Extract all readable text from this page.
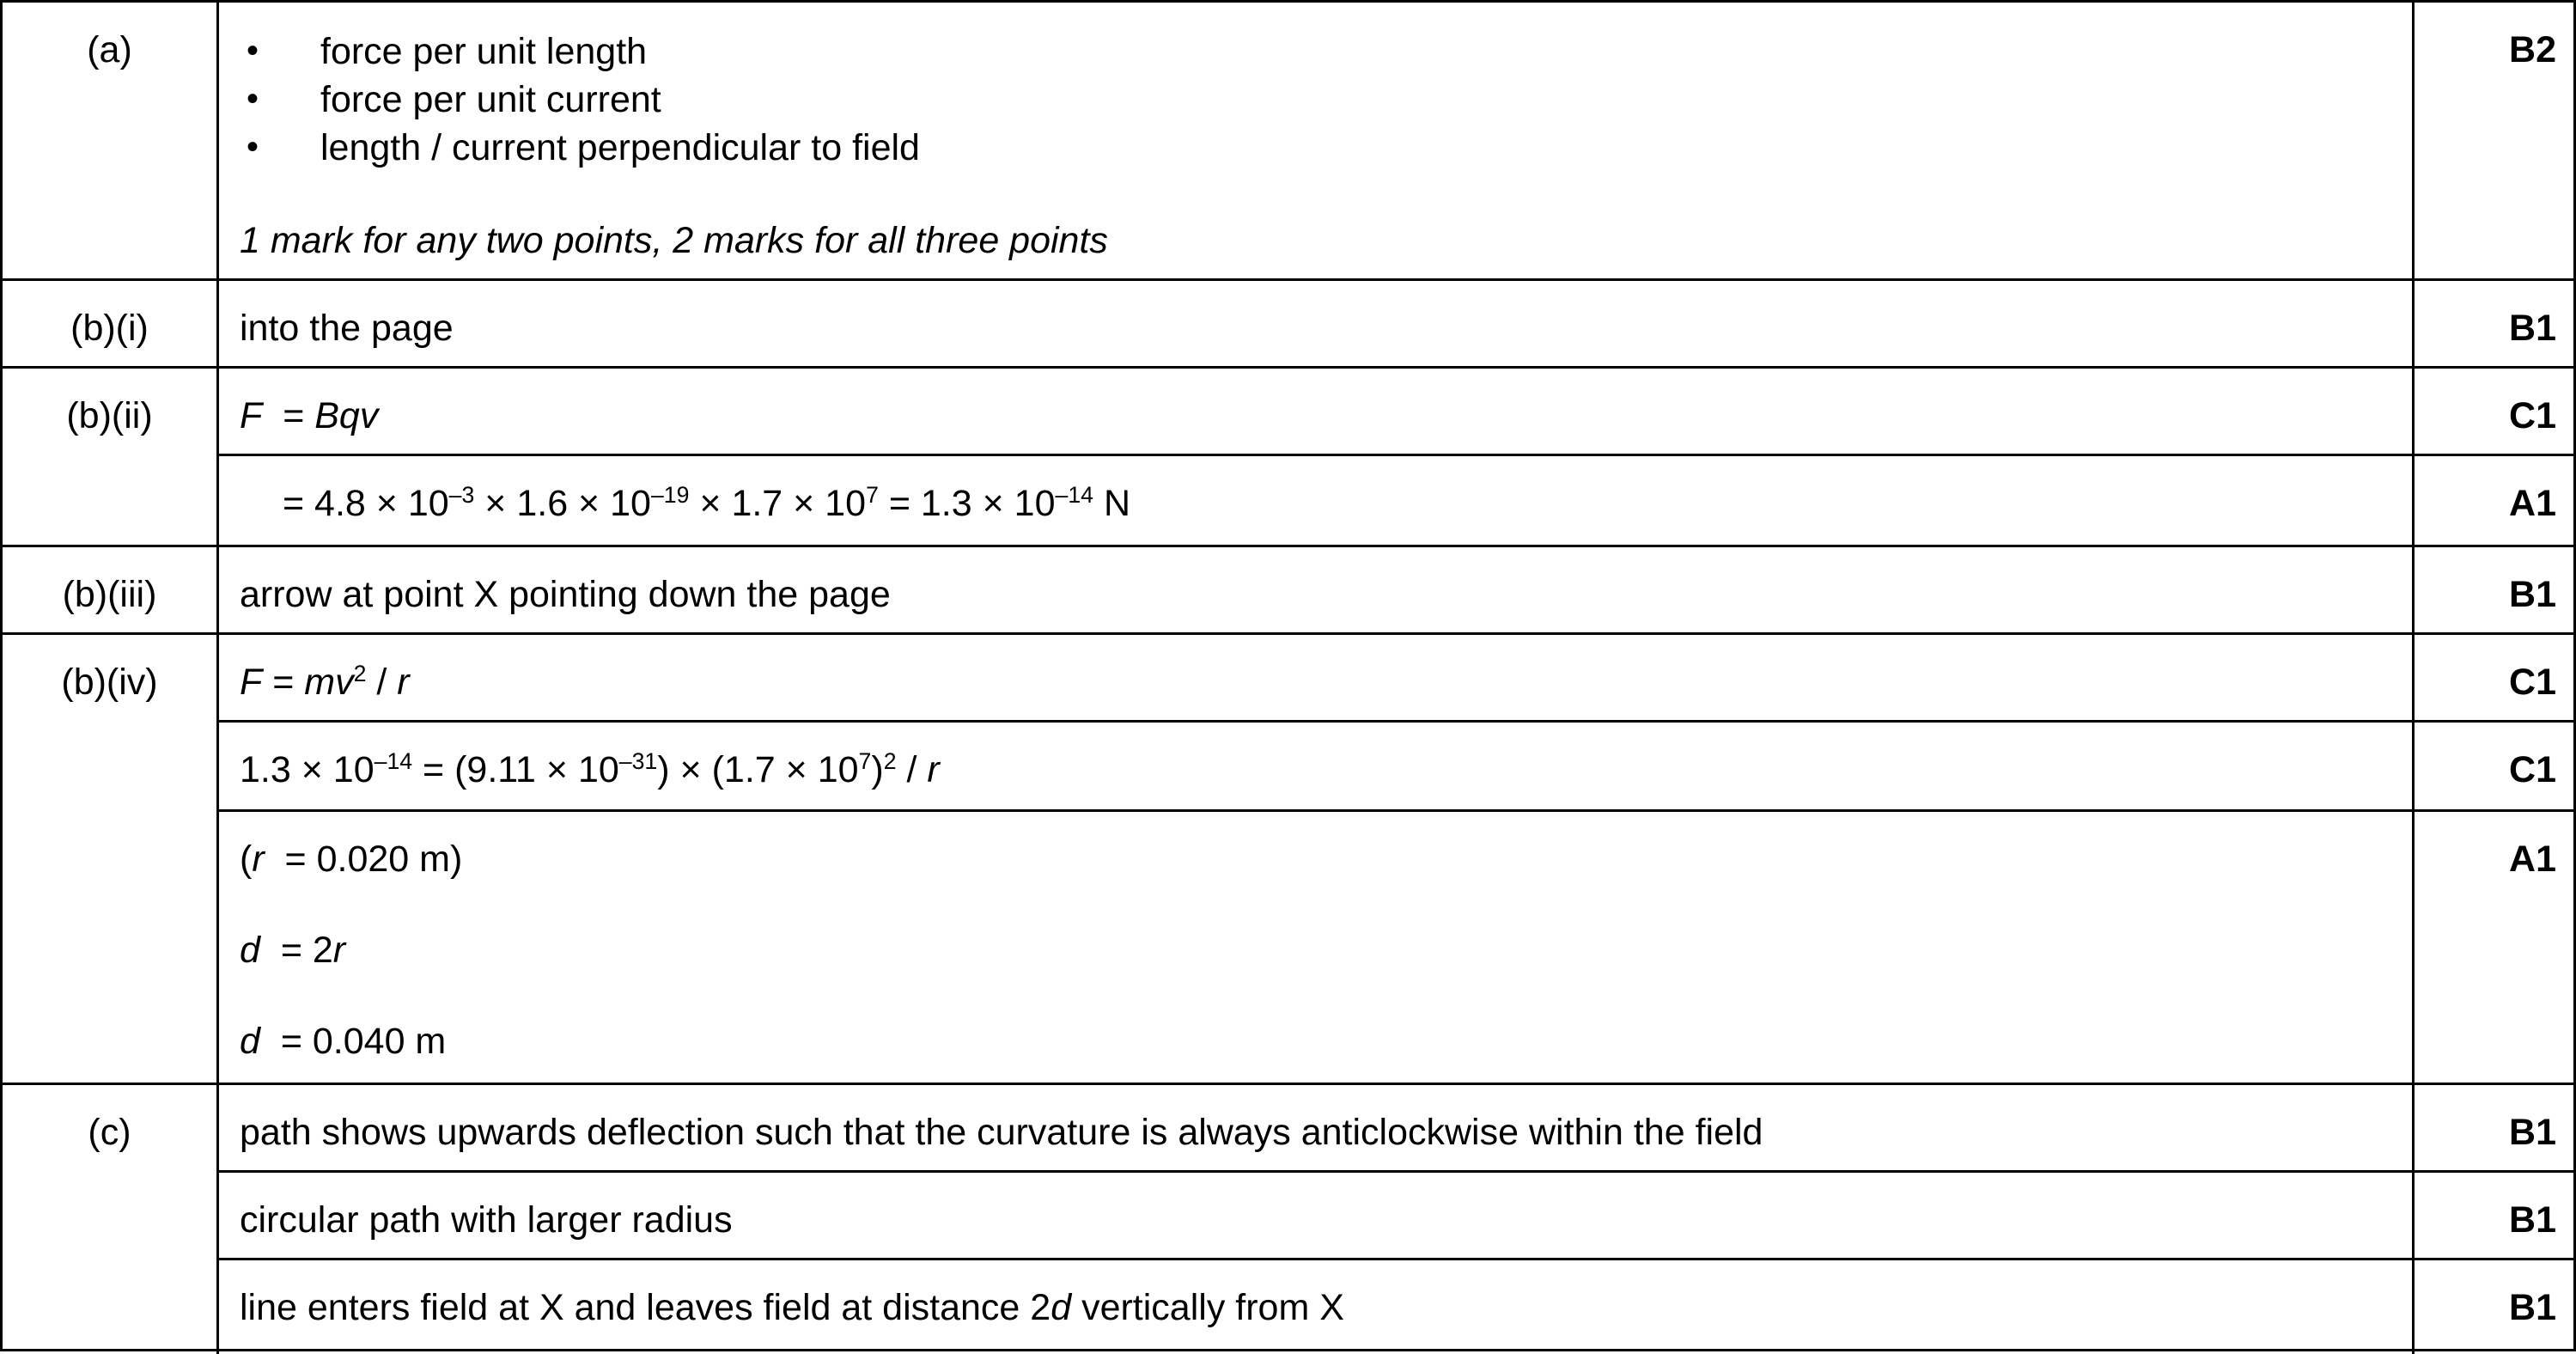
(a)
•	force per unit length
• force per unit current
• length / current perpendicular to field
1 mark for any two points, 2 marks for all three points
B2
(b)(i)	into the page	B1
(b)(ii)	F = Bqv	C1
= $4.8 \times 10^{-3} \times 1.6 \times 10^{-19} \times 1.7 \times 10^7 = 1.3 \times 10^{-14}$ N	A1
(b)(iii)	arrow at point X pointing down the page	B1
(b)(iv)	$F = mv^2 / r$	C1
$1.3 \times 10^{-14} = (9.11 \times 10^{-31}) \times (1.7 \times 10^7)^2 / r$	C1
(r  = 0.020 m)
d  = 2r
d  = 0.040 m
A1
(c)	path shows upwards deflection such that the curvature is always anticlockwise within the field	B1
circular path with larger radius	B1
line enters field at X and leaves field at distance 2d vertically from X	B1
